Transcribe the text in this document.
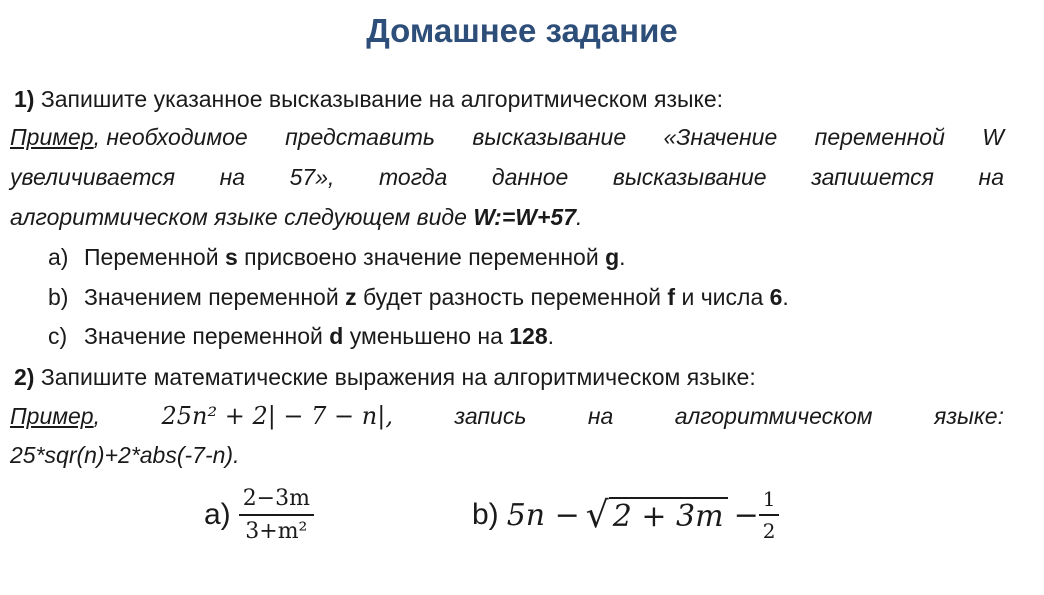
Домашнее задание
1) Запишите указанное высказывание на алгоритмическом языке:
Пример, необходимое представить высказывание «Значение переменной W
увеличивается на 57», тогда данное высказывание запишется на
алгоритмическом языке следующем виде W:=W+57.
a) Переменной s присвоено значение переменной g.
b) Значением переменной z будет разность переменной f и числа 6.
c) Значение переменной d уменьшено на 128.
2) Запишите математические выражения на алгоритмическом языке:
Пример,	25n² + 2| − 7 − n|,	запись	на	алгоритмическом	языке:
25*sqr(n)+2*abs(-7-n).
$a) \frac{2-3m}{\text{3+m²}}$	b) 5n − √ $2 + 3m - \frac{1}{2}$
